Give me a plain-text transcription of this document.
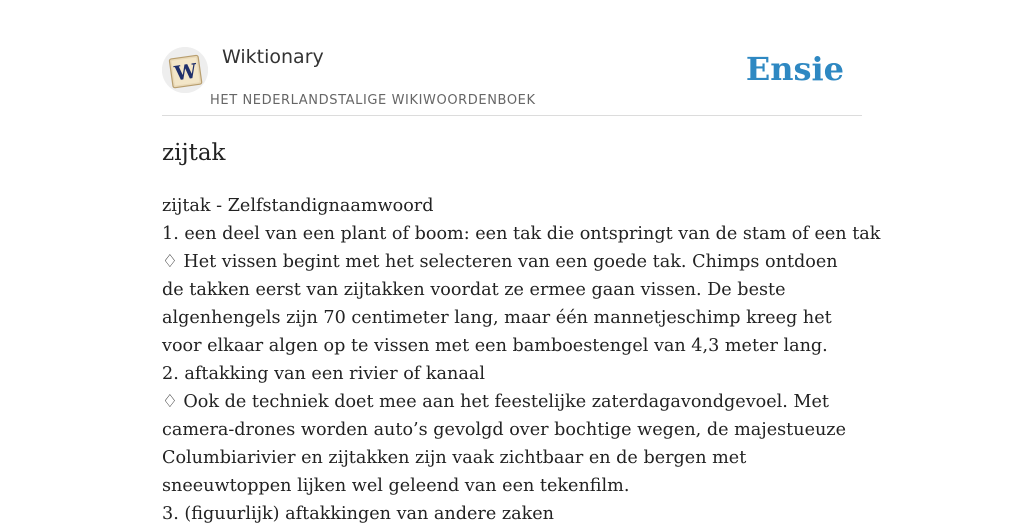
W
Wiktionary
HET NEDERLANDSTALIGE WIKIWOORDENBOEK
Ensie
zijtak
zijtak - Zelfstandignaamwoord
1. een deel van een plant of boom: een tak die ontspringt van de stam of een tak
♢ Het vissen begint met het selecteren van een goede tak. Chimps ontdoen de takken eerst van zijtakken voordat ze ermee gaan vissen. De beste algenhengels zijn 70 centimeter lang, maar één mannetjeschimp kreeg het voor elkaar algen op te vissen met een bamboestengel van 4,3 meter lang.
2. aftakking van een rivier of kanaal
♢ Ook de techniek doet mee aan het feestelijke zaterdagavondgevoel. Met camera-drones worden auto’s gevolgd over bochtige wegen, de majestueuze Columbiarivier en zijtakken zijn vaak zichtbaar en de bergen met sneeuwtoppen lijken wel geleend van een tekenfilm.
3. (figuurlijk) aftakkingen van andere zaken
